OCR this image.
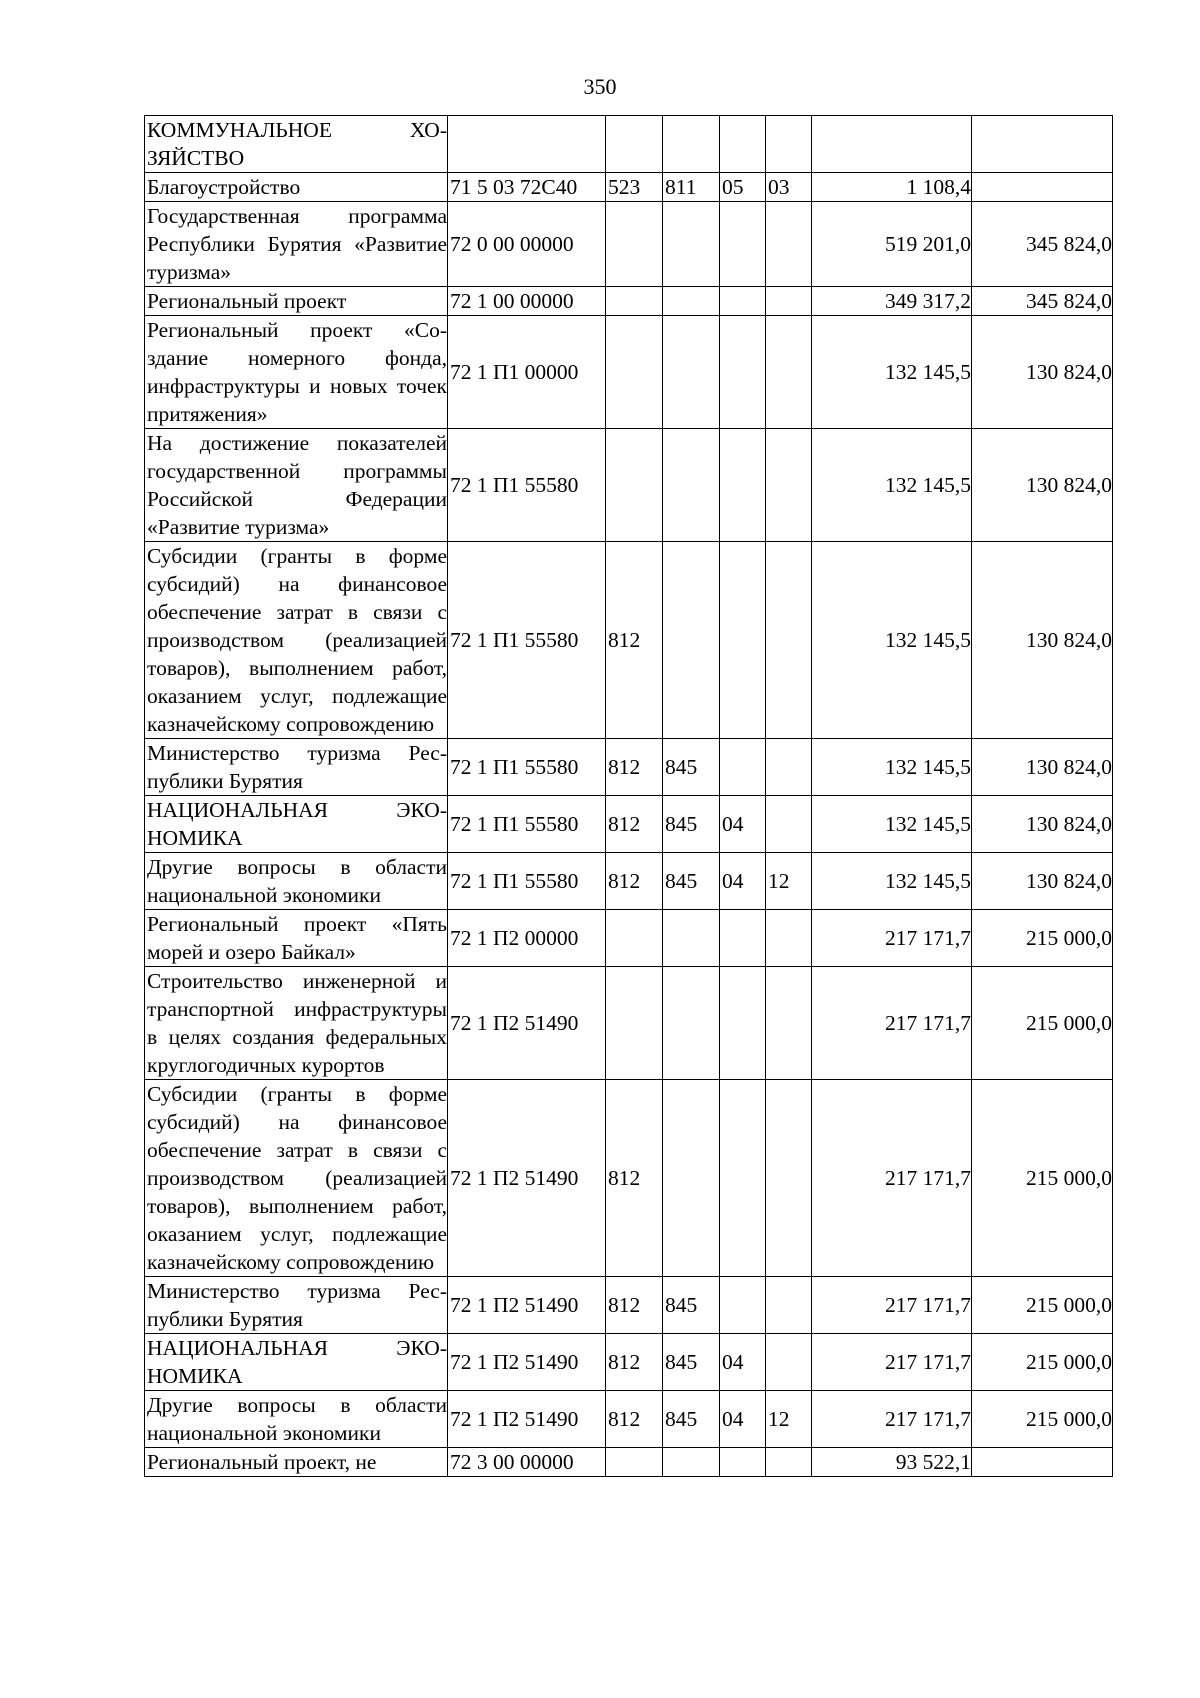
350
КОММУНАЛЬНОЕ ХОЗЯЙСТВО							
Благоустройство	71 5 03 72С40	523	811	05	03	1 108,4	
Государственная программа Республики Бурятия «Развитие туризма»	72 0 00 00000					519 201,0	345 824,0
Региональный проект	72 1 00 00000					349 317,2	345 824,0
Региональный проект «Создание номерного фонда, инфраструктуры и новых точек притяжения»	72 1 П1 00000					132 145,5	130 824,0
На достижение показателей государственной программы Российской Федерации «Развитие туризма»	72 1 П1 55580					132 145,5	130 824,0
Субсидии (гранты в форме субсидий) на финансовое обеспечение затрат в связи с производством (реализацией товаров), выполнением работ, оказанием услуг, подлежащие казначейскому сопровождению	72 1 П1 55580	812				132 145,5	130 824,0
Министерство туризма Республики Бурятия	72 1 П1 55580	812	845			132 145,5	130 824,0
НАЦИОНАЛЬНАЯ ЭКОНОМИКА	72 1 П1 55580	812	845	04		132 145,5	130 824,0
Другие вопросы в области национальной экономики	72 1 П1 55580	812	845	04	12	132 145,5	130 824,0
Региональный проект «Пять морей и озеро Байкал»	72 1 П2 00000					217 171,7	215 000,0
Строительство инженерной и транспортной инфраструктуры в целях создания федеральных круглогодичных курортов	72 1 П2 51490					217 171,7	215 000,0
Субсидии (гранты в форме субсидий) на финансовое обеспечение затрат в связи с производством (реализацией товаров), выполнением работ, оказанием услуг, подлежащие казначейскому сопровождению	72 1 П2 51490	812				217 171,7	215 000,0
Министерство туризма Республики Бурятия	72 1 П2 51490	812	845			217 171,7	215 000,0
НАЦИОНАЛЬНАЯ ЭКОНОМИКА	72 1 П2 51490	812	845	04		217 171,7	215 000,0
Другие вопросы в области национальной экономики	72 1 П2 51490	812	845	04	12	217 171,7	215 000,0
Региональный проект, не	72 3 00 00000					93 522,1	
